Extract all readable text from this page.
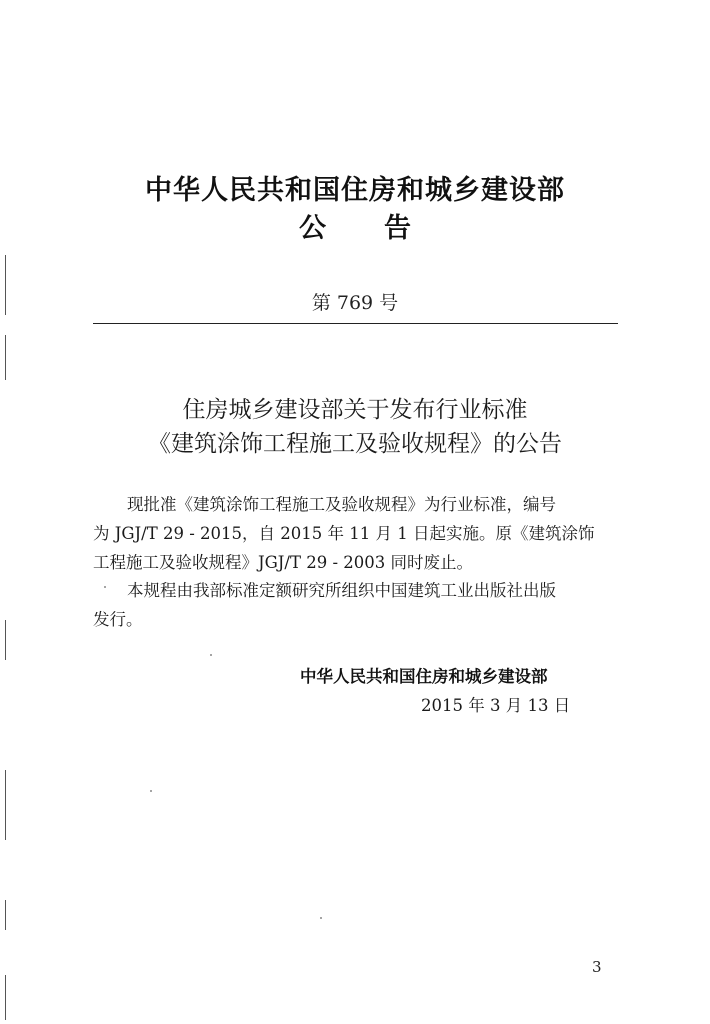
中华人民共和国住房和城乡建设部
公 告
第 769 号
住房城乡建设部关于发布行业标准
《建筑涂饰工程施工及验收规程》的公告
现批准《建筑涂饰工程施工及验收规程》为行业标准，编号
为 JGJ/T 29 - 2015，自 2015 年 11 月 1 日起实施。原《建筑涂饰
工程施工及验收规程》JGJ/T 29 - 2003 同时废止。
本规程由我部标准定额研究所组织中国建筑工业出版社出版
发行。
中华人民共和国住房和城乡建设部
2015 年 3 月 13 日
3
